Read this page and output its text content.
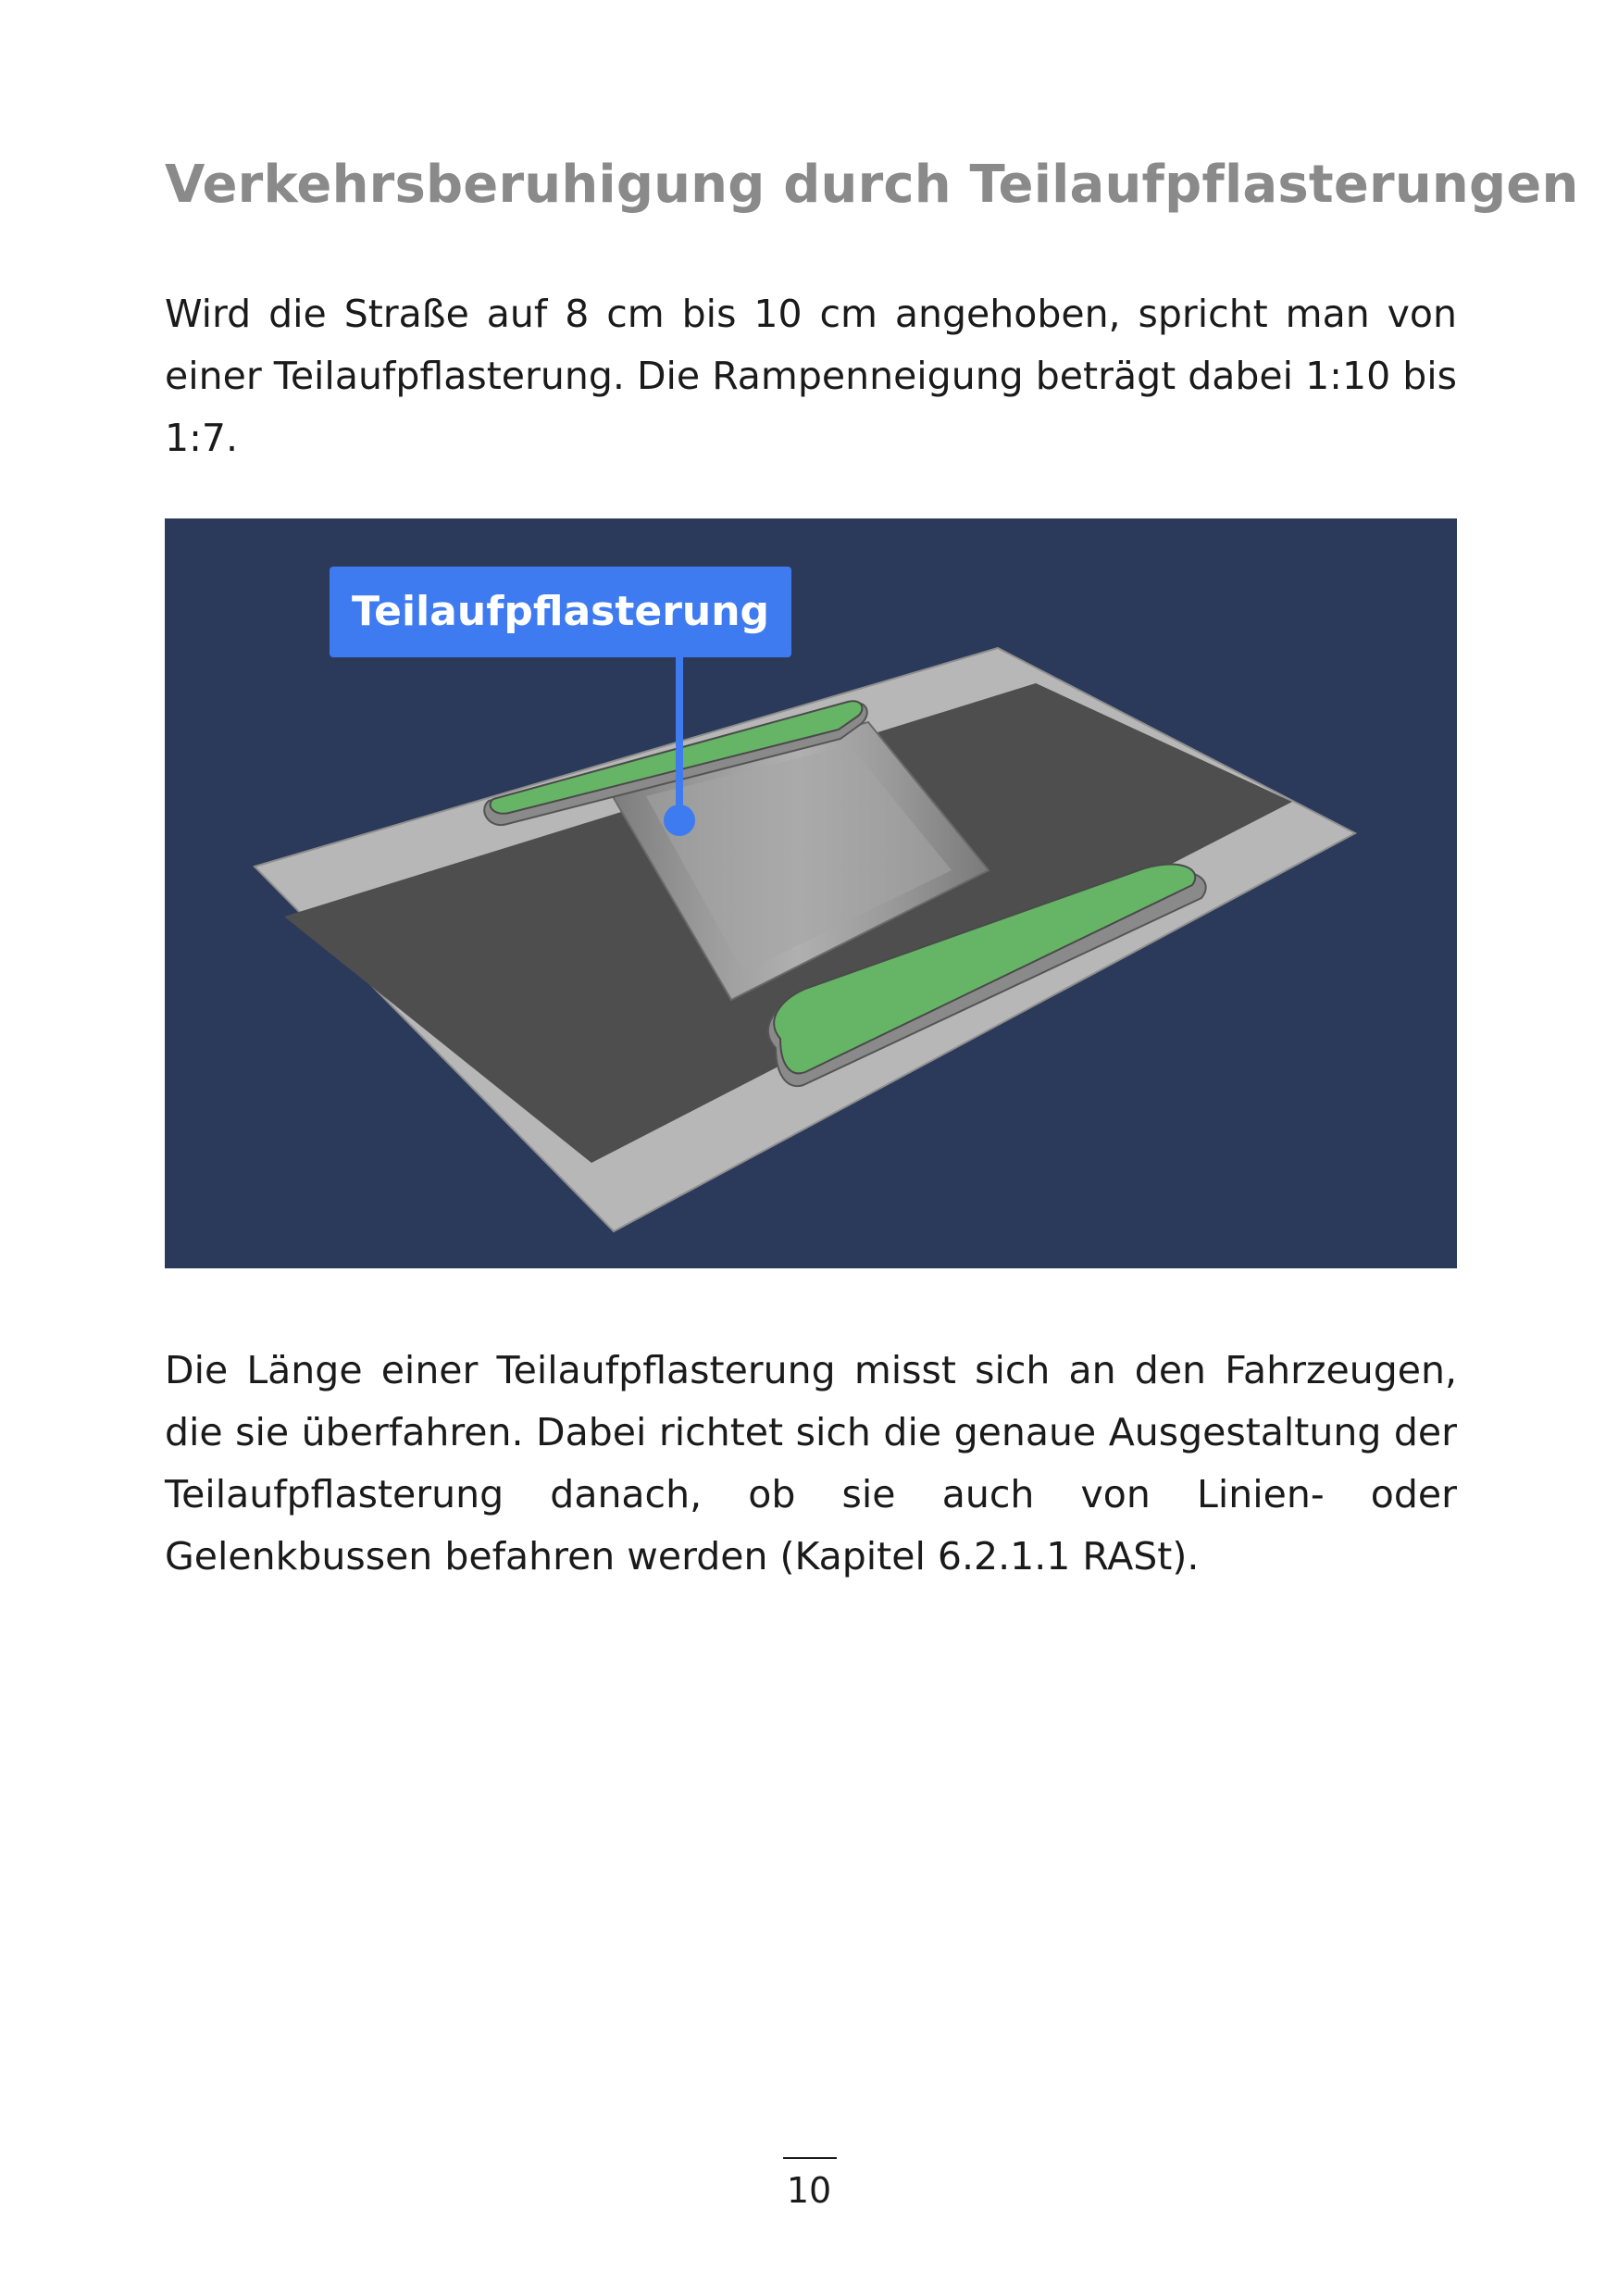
Verkehrsberuhigung durch Teilaufpflasterungen

Wird die Straße auf 8 cm bis 10 cm angehoben, spricht man von einer Teilaufpflasterung. Die Rampenneigung beträgt dabei 1:10 bis 1:7.

Teilaufpflasterung

Die Länge einer Teilaufpflasterung misst sich an den Fahrzeugen, die sie überfahren. Dabei richtet sich die genaue Ausgestaltung der Teilaufpflasterung danach, ob sie auch von Linien- oder Gelenkbussen befahren werden (Kapitel 6.2.1.1 RASt).

10
